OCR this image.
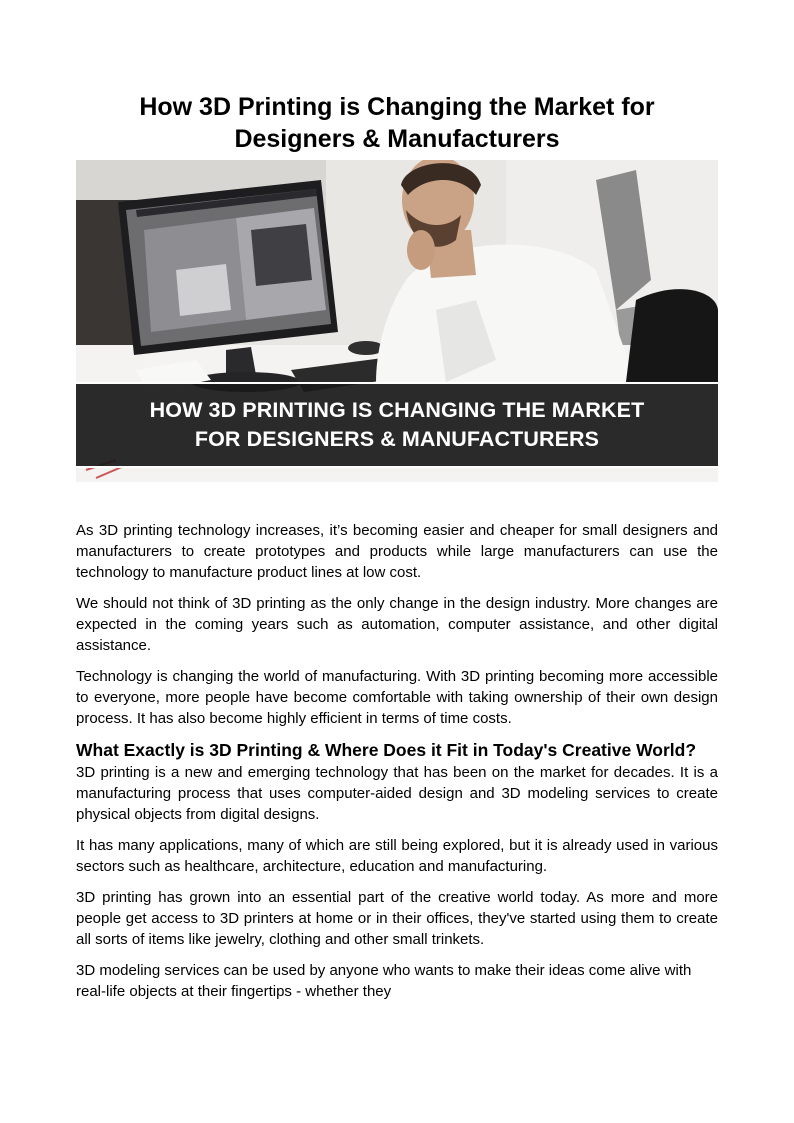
How 3D Printing is Changing the Market for Designers & Manufacturers
HOW 3D PRINTING IS CHANGING THE MARKET
FOR DESIGNERS & MANUFACTURERS

As 3D printing technology increases, it’s becoming easier and cheaper for small designers and manufacturers to create prototypes and products while large manufacturers can use the technology to manufacture product lines at low cost.

We should not think of 3D printing as the only change in the design industry. More changes are expected in the coming years such as automation, computer assistance, and other digital assistance.

Technology is changing the world of manufacturing. With 3D printing becoming more accessible to everyone, more people have become comfortable with taking ownership of their own design process. It has also become highly efficient in terms of time costs.

What Exactly is 3D Printing & Where Does it Fit in Today's Creative World?

3D printing is a new and emerging technology that has been on the market for decades. It is a manufacturing process that uses computer-aided design and 3D modeling services to create physical objects from digital designs.

It has many applications, many of which are still being explored, but it is already used in various sectors such as healthcare, architecture, education and manufacturing.

3D printing has grown into an essential part of the creative world today. As more and more people get access to 3D printers at home or in their offices, they've started using them to create all sorts of items like jewelry, clothing and other small trinkets.

3D modeling services can be used by anyone who wants to make their ideas come alive with real-life objects at their fingertips - whether they
